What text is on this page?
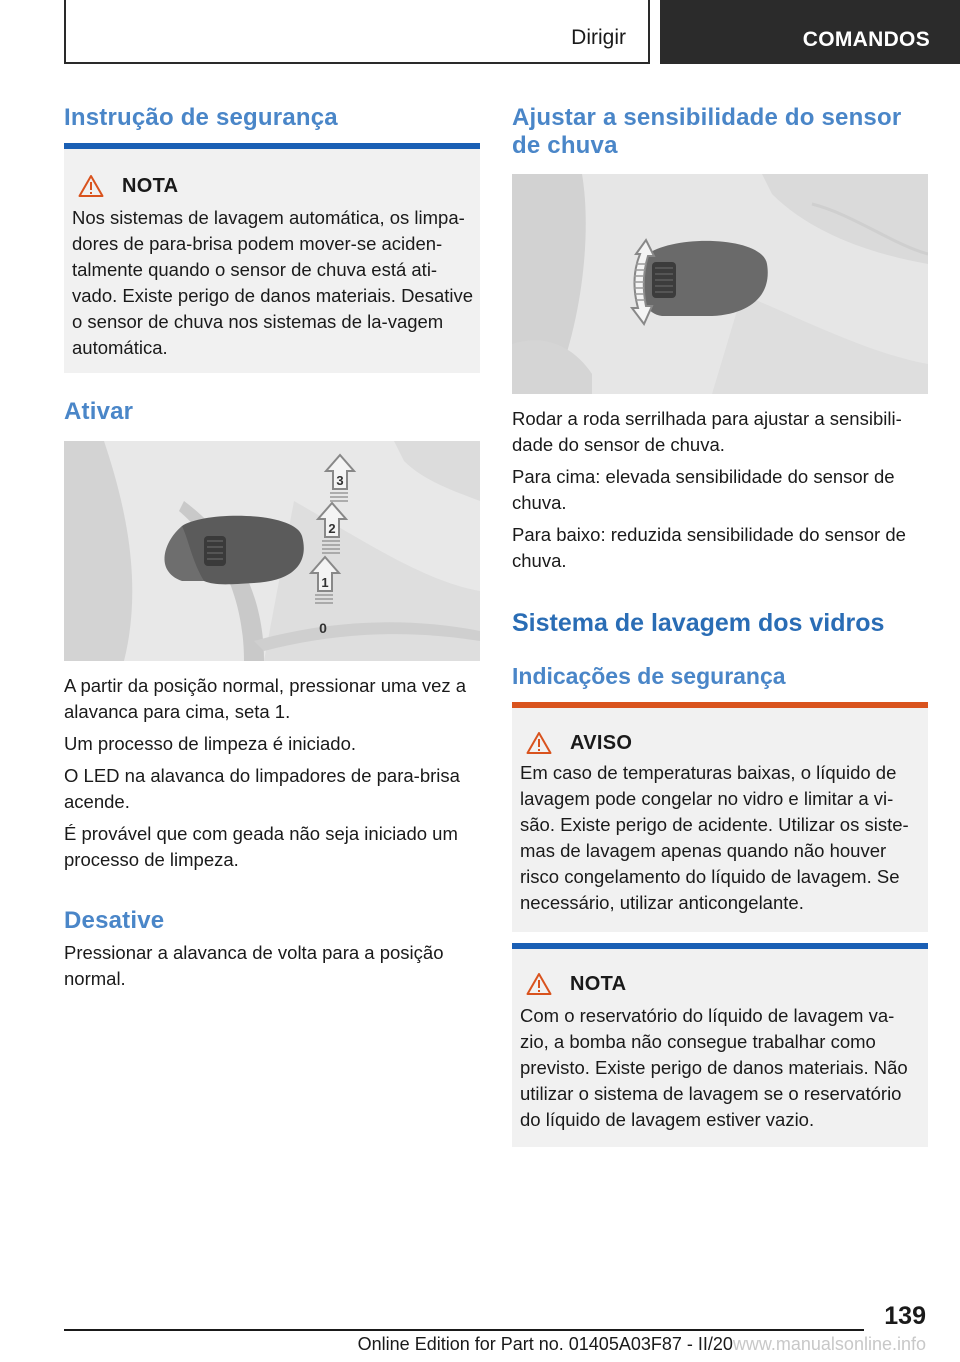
Dirigir	COMANDOS
Instrução de segurança
NOTA
Nos sistemas de lavagem automática, os limpa-dores de para-brisa podem mover-se aciden-talmente quando o sensor de chuva está ati-vado. Existe perigo de danos materiais. Desative o sensor de chuva nos sistemas de la-vagem automática.
Ativar
3
2
1
0
A partir da posição normal, pressionar uma vez a alavanca para cima, seta 1.
Um processo de limpeza é iniciado.
O LED na alavanca do limpadores de para-brisa acende.
É provável que com geada não seja iniciado um processo de limpeza.
Desative
Pressionar a alavanca de volta para a posição normal.
Ajustar a sensibilidade do sensor de chuva
Rodar a roda serrilhada para ajustar a sensibili-dade do sensor de chuva.
Para cima: elevada sensibilidade do sensor de chuva.
Para baixo: reduzida sensibilidade do sensor de chuva.
Sistema de lavagem dos vidros
Indicações de segurança
AVISO
Em caso de temperaturas baixas, o líquido de lavagem pode congelar no vidro e limitar a vi-são. Existe perigo de acidente. Utilizar os siste-mas de lavagem apenas quando não houver risco congelamento do líquido de lavagem. Se necessário, utilizar anticongelante.
NOTA
Com o reservatório do líquido de lavagem va-zio, a bomba não consegue trabalhar como previsto. Existe perigo de danos materiais. Não utilizar o sistema de lavagem se o reservatório do líquido de lavagem estiver vazio.
139
Online Edition for Part no. 01405A03F87 - II/20www.manualsonline.info
